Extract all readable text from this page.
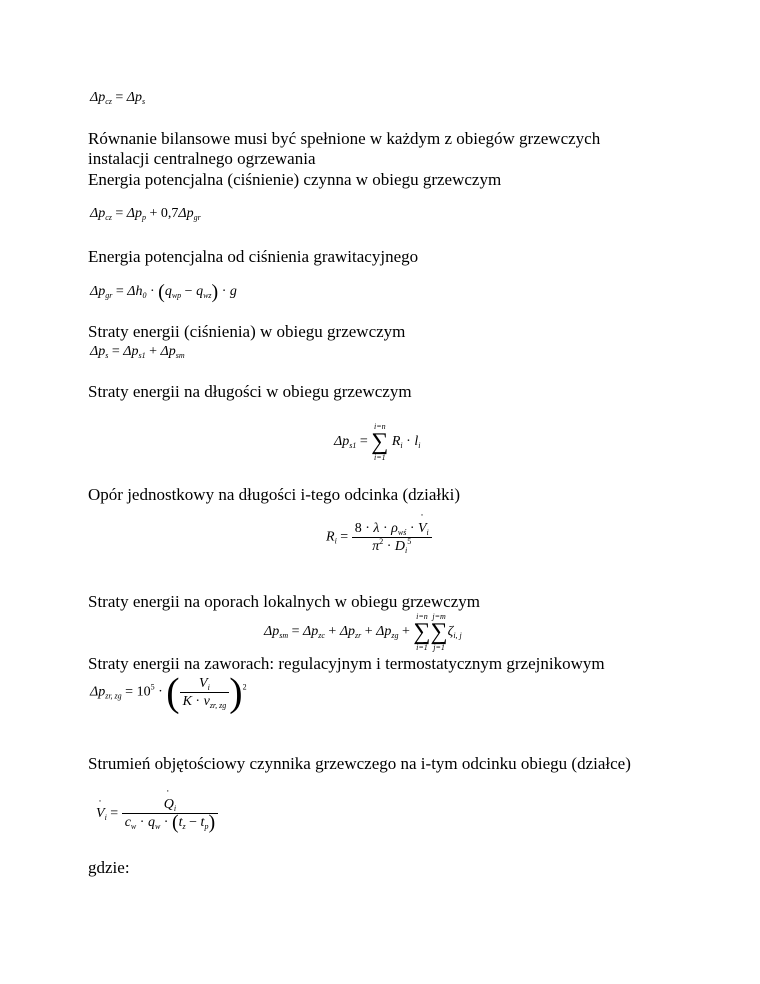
$\Delta p_{cz} = \Delta p_s$
Równanie bilansowe musi być spełnione w każdym z obiegów grzewczych
instalacji centralnego ogrzewania
Energia potencjalna (ciśnienie) czynna w obiegu grzewczym
$\Delta p_{cz} = \Delta p_p + 0,7\Delta p_{gr}$
Energia potencjalna od ciśnienia grawitacyjnego
$\Delta p_{gr} = \Delta h_0 \cdot (q_{wp} - q_{wz}) \cdot g$
Straty energii (ciśnienia) w obiegu grzewczym
$\Delta p_s = \Delta p_{s1} + \Delta p_{sm}$
Straty energii na długości w obiegu grzewczym
$\Delta p_{s1}$ =
i=n
∑
i=1
$R_i \cdot l_i$
Opór jednostkowy na długości i-tego odcinka (działki)
$R_i = \frac{8 \cdot \lambda \cdot \rho_{wś} \cdot ˙ V_i}{\pi^2 \cdot D_i^5}$
Straty energii na oporach lokalnych w obiegu grzewczym
$\Delta p_{sm} = \Delta p_{zc} + \Delta p_{zr} + \Delta p_{zg}$ +
i=n
∑
i=1
j=m
∑
j=1
$\zeta_{i, j}$
Straty energii na zaworach: regulacyjnym i termostatycznym grzejnikowym
$\Delta p_{zr, zg} = 10^5$ · ( $\frac{V_i}{K \cdot v_{zr, zg}} )^2$
Strumień objętościowy czynnika grzewczego na i-tym odcinku obiegu (działce)
˙ $V_i$ =
˙ $\frac{Q_i}{c_w \cdot q_w \cdot (t_z - t_p)}$
gdzie:
